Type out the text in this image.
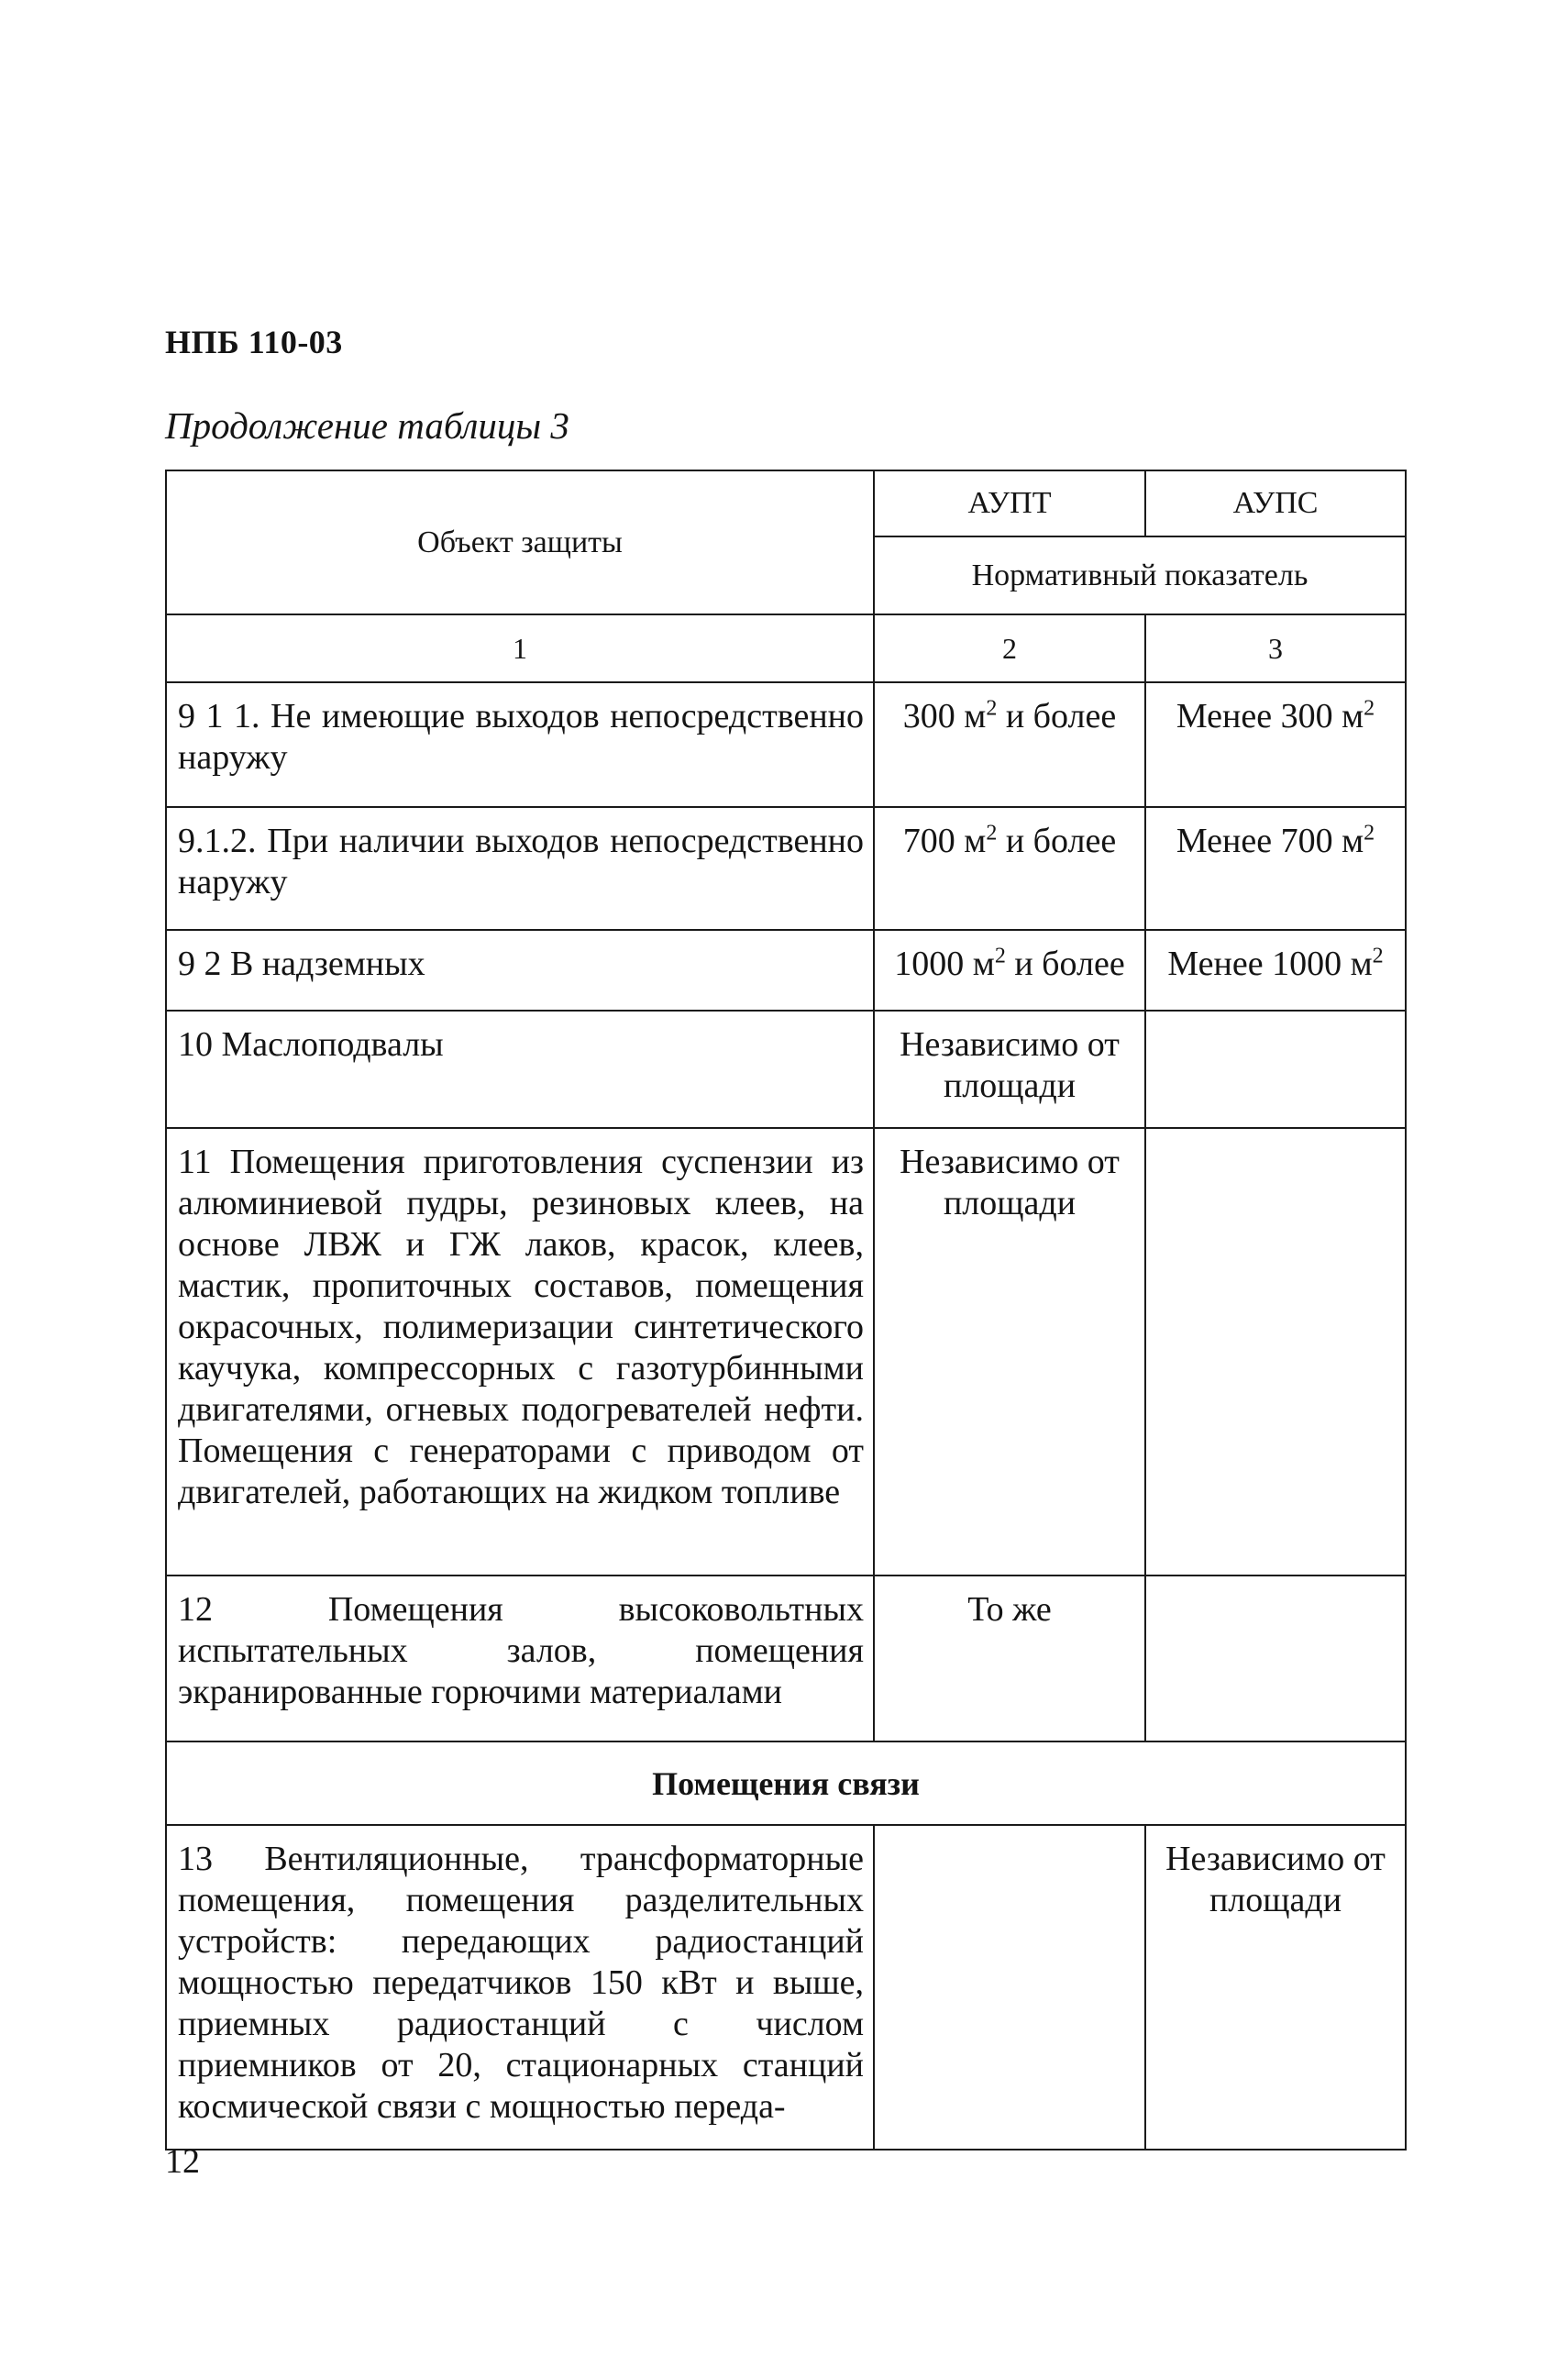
НПБ 110-03
Продолжение таблицы 3
Объект защиты	АУПТ	АУПС
	Нормативный показатель	
1	2	3
9 1 1. Не имеющие выходов непосредственно наружу	300 $м^2$ и более	Менее 300 $м^2$
9.1.2. При наличии выходов непосредственно наружу	700 $м^2$ и более	Менее 700 $м^2$
9 2 В надземных	1000 $м^2$ и более	Менее 1000 $м^2$
10 Маслоподвалы	Независимо от площади	
11 Помещения приготовления суспензии из алюминиевой пудры, резиновых клеев, на основе ЛВЖ и ГЖ лаков, красок, клеев, мастик, пропиточных составов, помещения окрасочных, полимеризации синтетического каучука, компрессорных с газотурбинными двигателями, огневых подогревателей нефти. Помещения с генераторами с приводом от двигателей, работающих на жидком топливе	Независимо от площади	
12 Помещения высоковольтных испытательных залов, помещения экранированные горючими материалами	То же	
Помещения связи		
13 Вентиляционные, трансформаторные помещения, помещения разделительных устройств: передающих радиостанций мощностью передатчиков 150 кВт и выше, приемных радиостанций с числом приемников от 20, стационарных станций космической связи с мощностью переда-		Независимо от площади
12
